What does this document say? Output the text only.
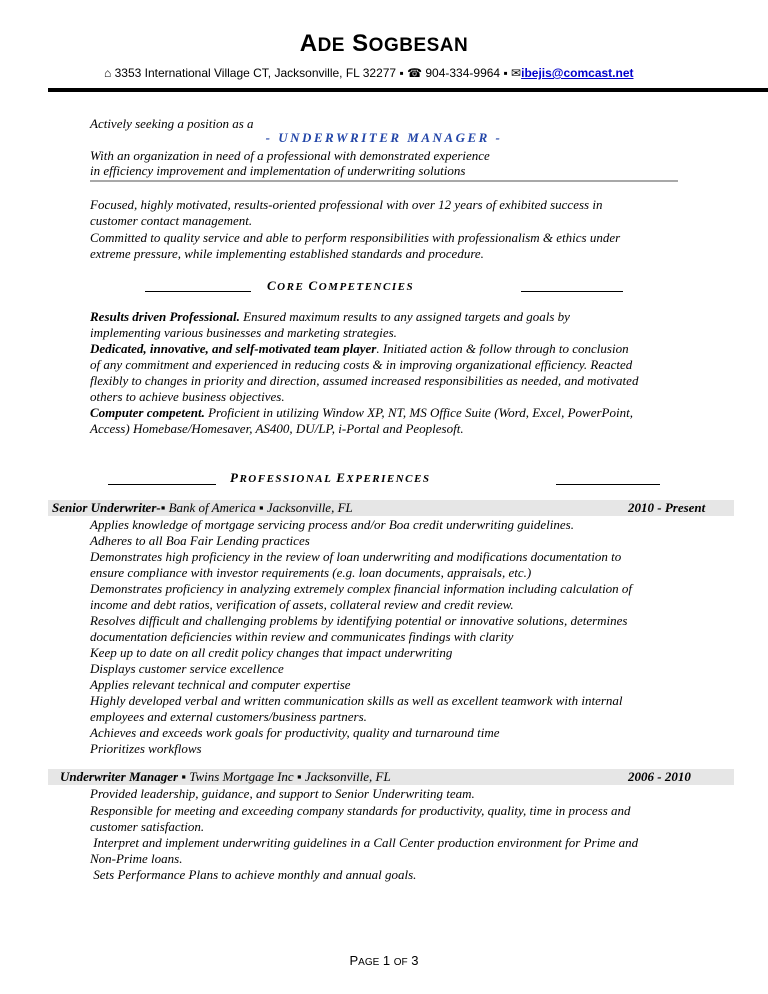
ADE SOGBESAN
⌂ 3353 International Village CT, Jacksonville, FL 32277 ▪ ☎ 904-334-9964 ▪ ✉ibejis@comcast.net
Actively seeking a position as a
- UNDERWRITER MANAGER -
With an organization in need of a professional with demonstrated experience
in efficiency improvement and implementation of underwriting solutions
Focused, highly motivated, results-oriented professional with over 12 years of exhibited success in
customer contact management.
Committed to quality service and able to perform responsibilities with professionalism & ethics under
extreme pressure, while implementing established standards and procedure.
CORE COMPETENCIES
Results driven Professional. Ensured maximum results to any assigned targets and goals by
implementing various businesses and marketing strategies.
Dedicated, innovative, and self-motivated team player. Initiated action & follow through to conclusion
of any commitment and experienced in reducing costs & in improving organizational efficiency. Reacted
flexibly to changes in priority and direction, assumed increased responsibilities as needed, and motivated
others to achieve business objectives.
Computer competent. Proficient in utilizing Window XP, NT, MS Office Suite (Word, Excel, PowerPoint,
Access) Homebase/Homesaver, AS400, DU/LP, i-Portal and Peoplesoft.
PROFESSIONAL EXPERIENCES
Senior Underwriter-▪ Bank of America ▪ Jacksonville, FL	2010 - Present
Applies knowledge of mortgage servicing process and/or Boa credit underwriting guidelines.
Adheres to all Boa Fair Lending practices
Demonstrates high proficiency in the review of loan underwriting and modifications documentation to
ensure compliance with investor requirements (e.g. loan documents, appraisals, etc.)
Demonstrates proficiency in analyzing extremely complex financial information including calculation of
income and debt ratios, verification of assets, collateral review and credit review.
Resolves difficult and challenging problems by identifying potential or innovative solutions, determines
documentation deficiencies within review and communicates findings with clarity
Keep up to date on all credit policy changes that impact underwriting
Displays customer service excellence
Applies relevant technical and computer expertise
Highly developed verbal and written communication skills as well as excellent teamwork with internal
employees and external customers/business partners.
Achieves and exceeds work goals for productivity, quality and turnaround time
Prioritizes workflows
Underwriter Manager ▪ Twins Mortgage Inc ▪ Jacksonville, FL	2006 - 2010
Provided leadership, guidance, and support to Senior Underwriting team.
Responsible for meeting and exceeding company standards for productivity, quality, time in process and
customer satisfaction.
Interpret and implement underwriting guidelines in a Call Center production environment for Prime and
Non-Prime loans.
Sets Performance Plans to achieve monthly and annual goals.
PAGE 1 OF 3
